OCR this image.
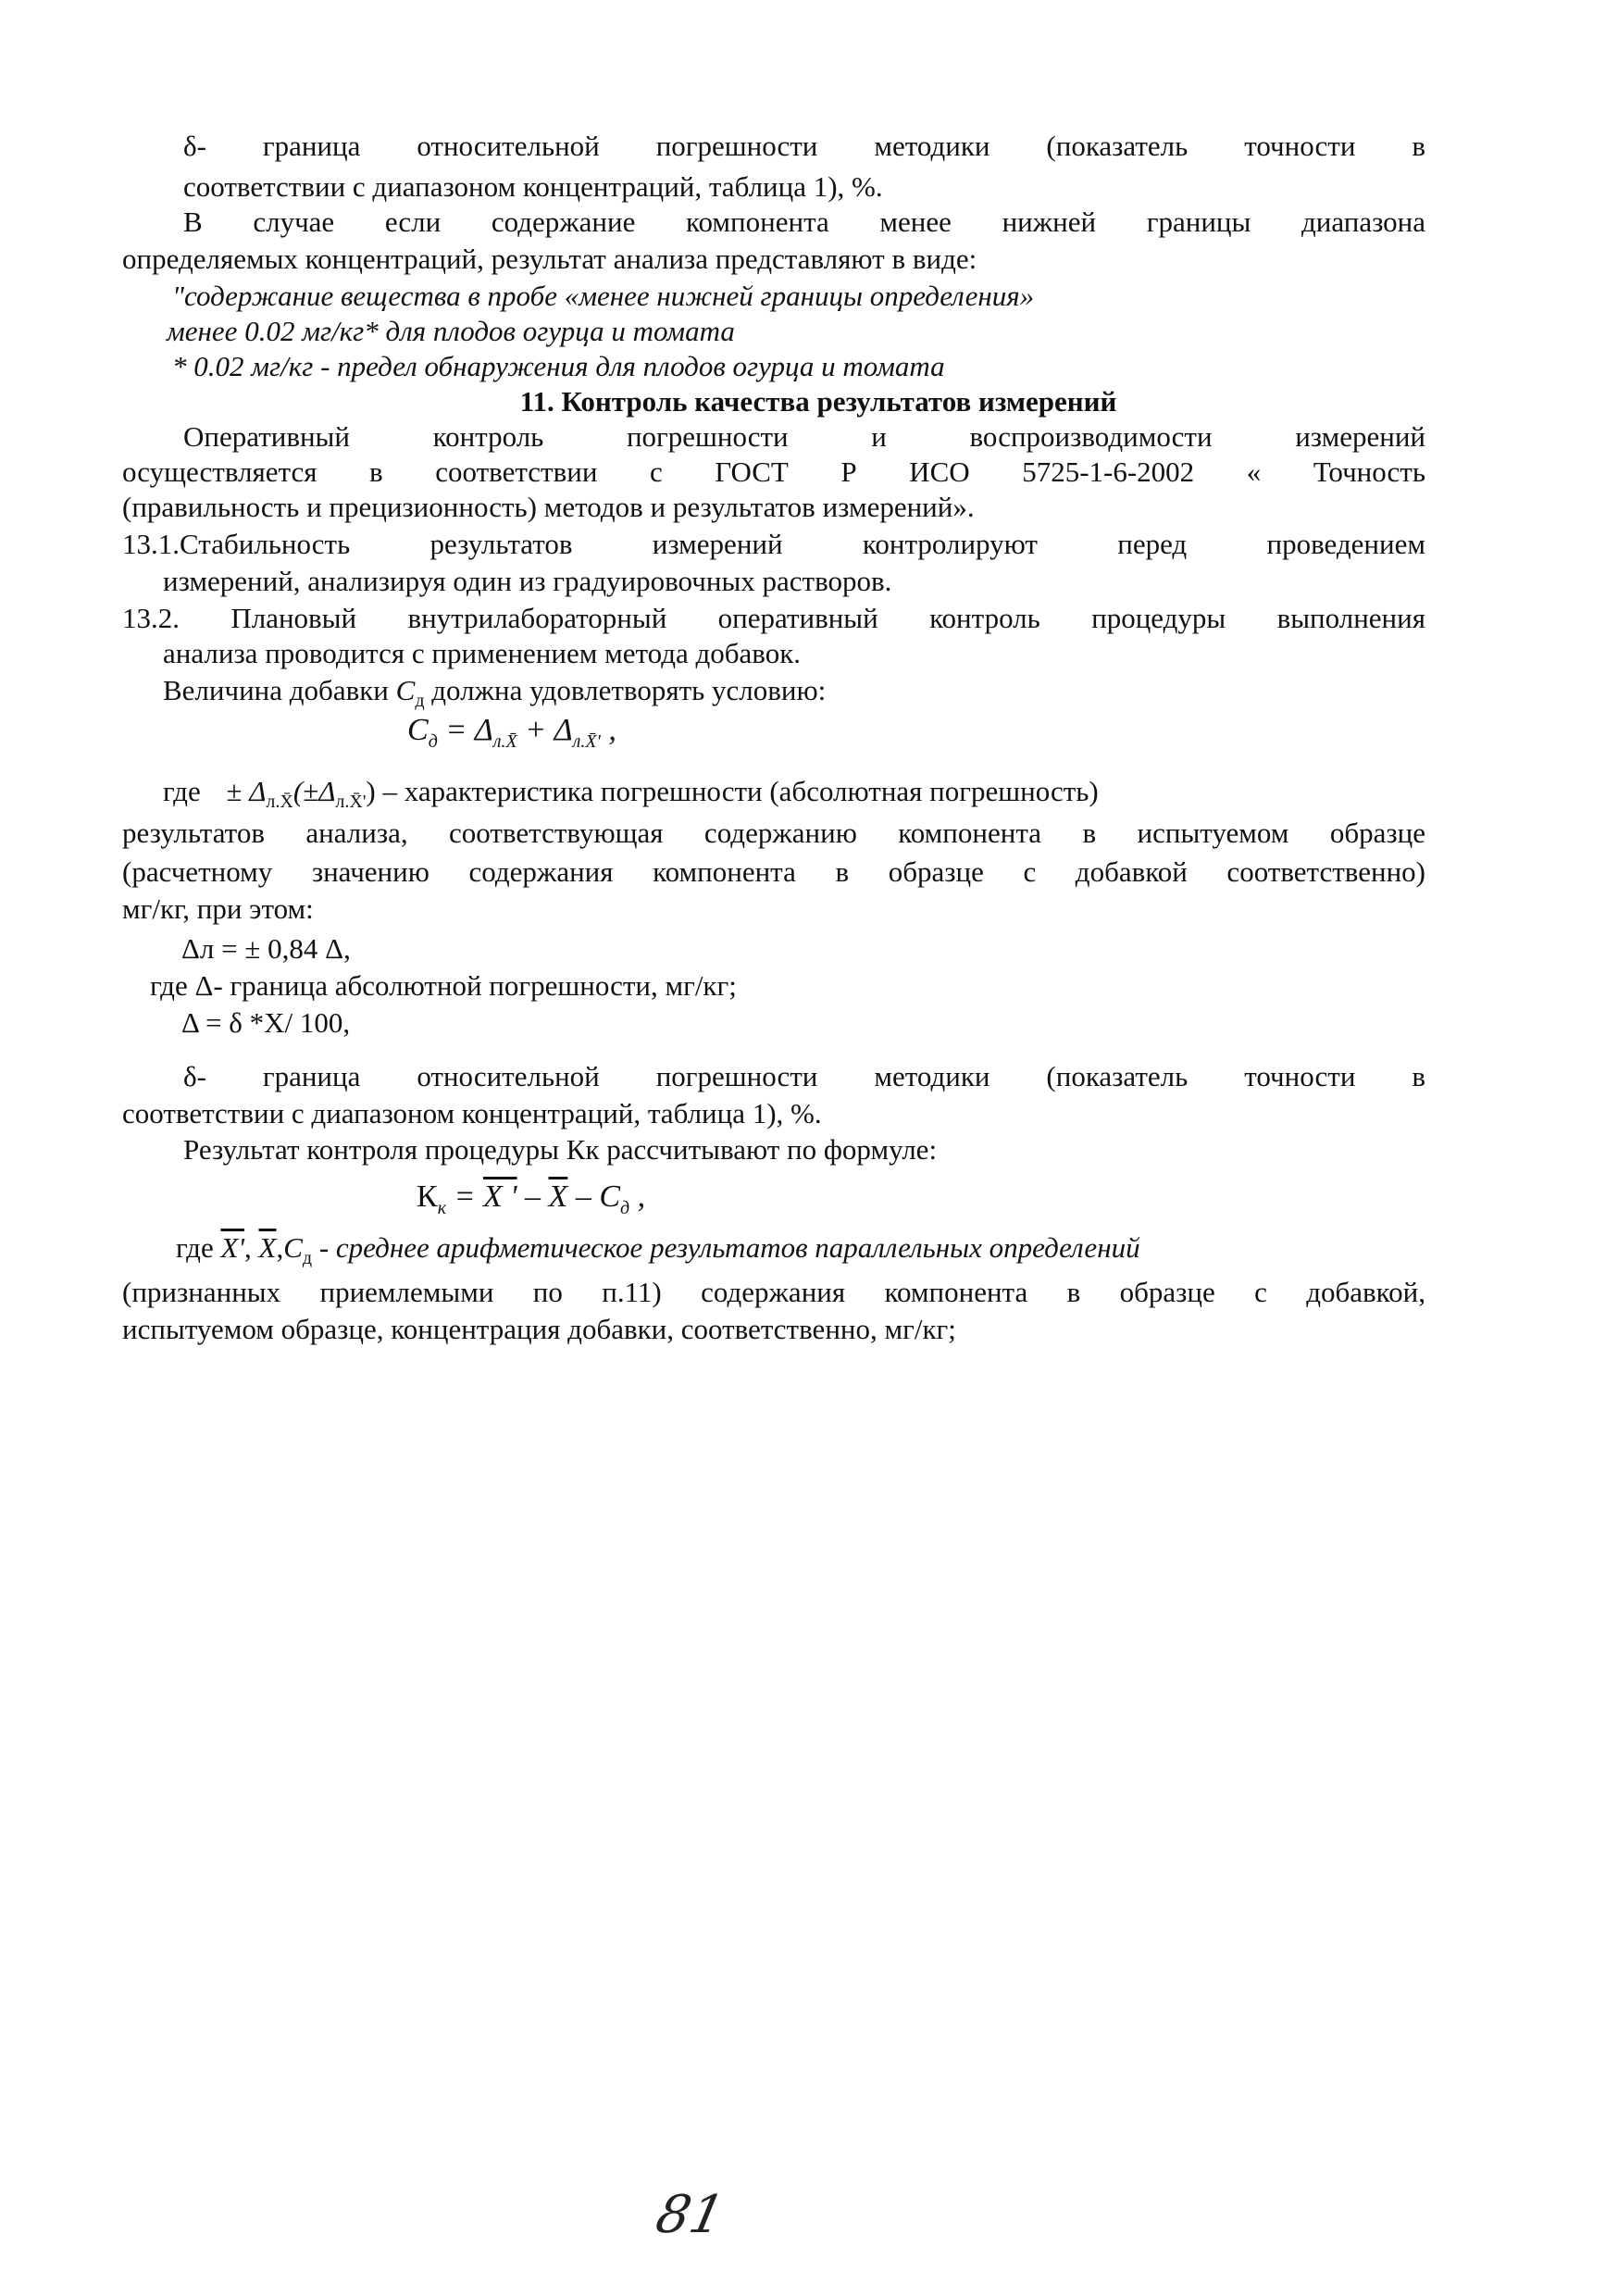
δ- граница относительной погрешности методики (показатель точности в
соответствии с диапазоном концентраций, таблица 1), %.
В случае если содержание компонента менее нижней границы диапазона
определяемых концентраций, результат анализа представляют в виде:
"содержание вещества в пробе «менее нижней границы определения»
менее 0.02 мг/кг* для плодов огурца и томата
* 0.02 мг/кг - предел обнаружения для плодов огурца и томата
11. Контроль качества результатов измерений
Оперативный контроль погрешности и воспроизводимости измерений
осуществляется в соответствии с ГОСТ Р ИСО 5725-1-6-2002 « Точность
(правильность и прецизионность) методов и результатов измерений».
13.1.Стабильность результатов измерений контролируют перед проведением
измерений, анализируя один из градуировочных растворов.
13.2. Плановый внутрилабораторный оперативный контроль процедуры выполнения
анализа проводится с применением метода добавок.
Величина добавки $C_д$ должна удовлетворять условию:
$C_д = \Delta_{л.X̄} + \Delta_{л.X̄'}$ ,
где ± $\Delta_{л.X̄}(\pm\Delta_{л.X̄'})$ – характеристика погрешности (абсолютная погрешность)
результатов анализа, соответствующая содержанию компонента в испытуемом образце
(расчетному значению содержания компонента в образце с добавкой соответственно)
мг/кг, при этом:
Δл = ± 0,84 Δ,
где Δ- граница абсолютной погрешности, мг/кг;
Δ = δ *X/ 100,
δ- граница относительной погрешности методики (показатель точности в
соответствии с диапазоном концентраций, таблица 1), %.
Результат контроля процедуры Кк рассчитывают по формуле:
$К_к = X$ ' – $\overline{X} - C_д$ ,
где X', $\overline{X},C_д$ - среднее арифметическое результатов параллельных определений
(признанных приемлемыми по п.11) содержания компонента в образце с добавкой,
испытуемом образце, концентрация добавки, соответственно, мг/кг;
81
